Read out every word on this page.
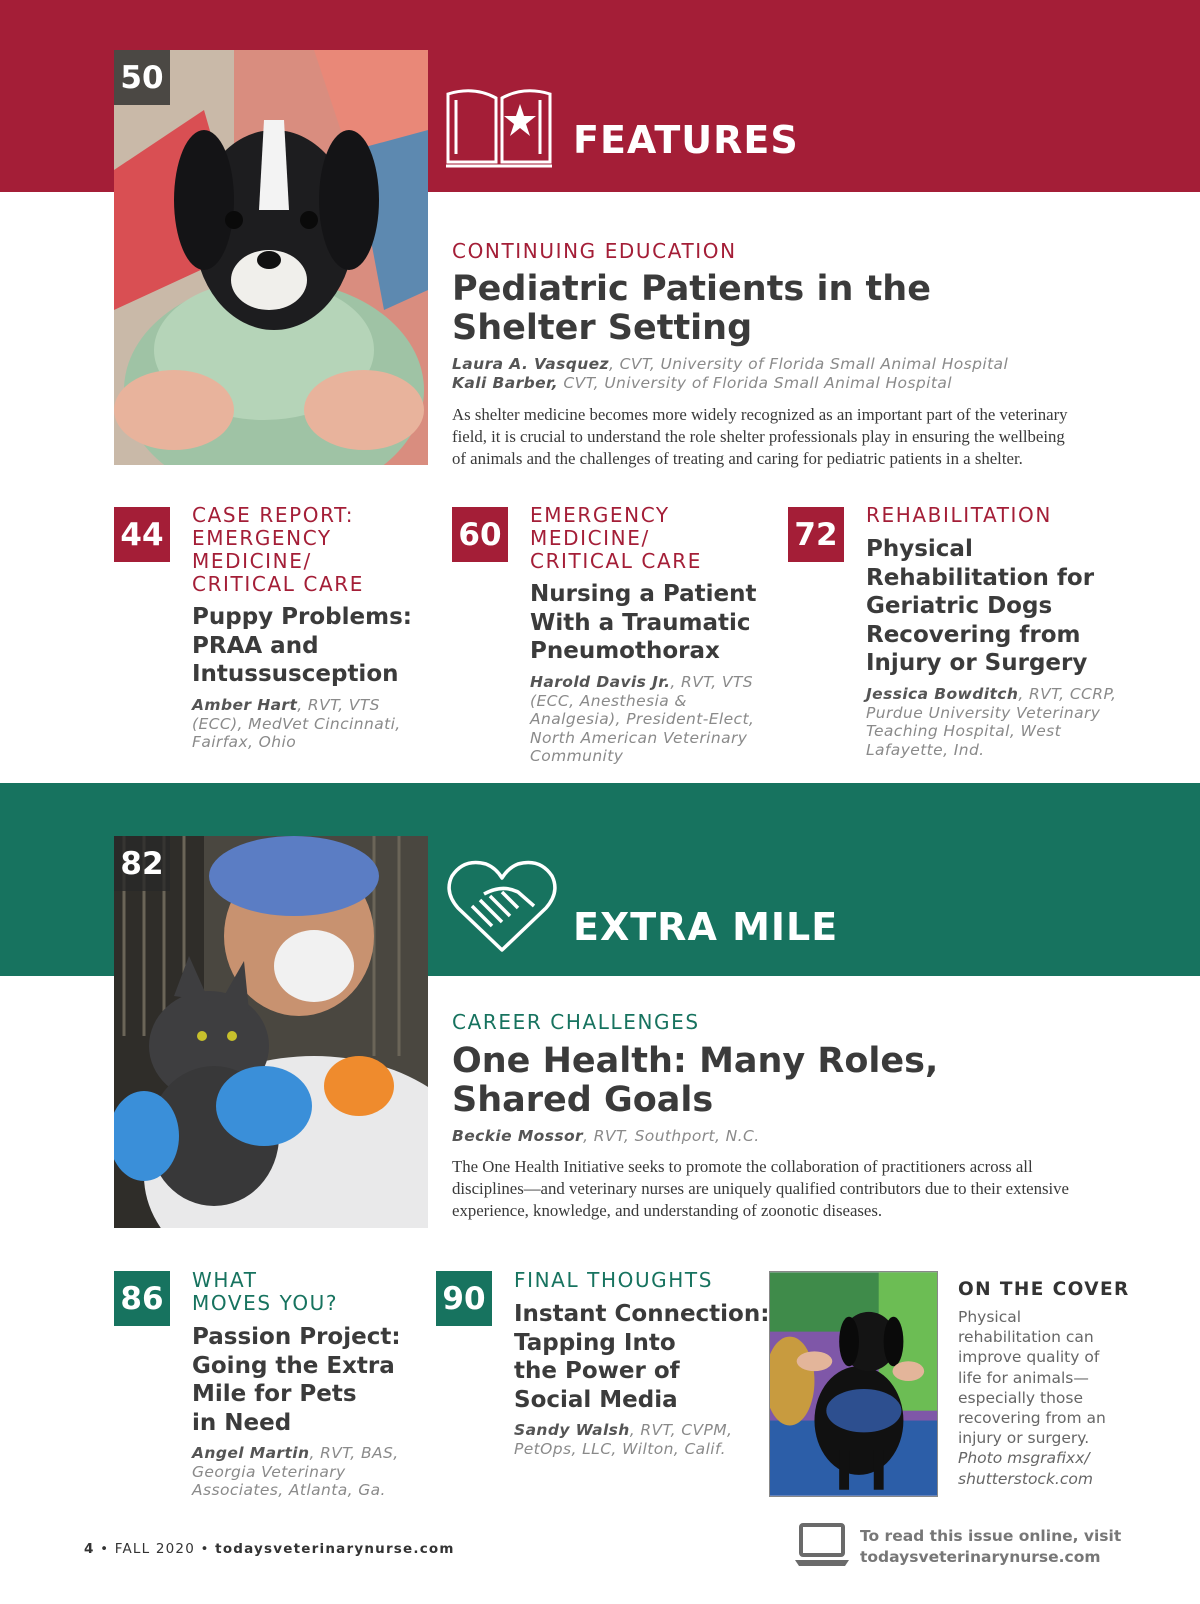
50
FEATURES
CONTINUING EDUCATION
Pediatric Patients in the
Shelter Setting
Laura A. Vasquez, CVT, University of Florida Small Animal Hospital
Kali Barber, CVT, University of Florida Small Animal Hospital
As shelter medicine becomes more widely recognized as an important part of the veterinary
field, it is crucial to understand the role shelter professionals play in ensuring the wellbeing
of animals and the challenges of treating and caring for pediatric patients in a shelter.
44
CASE REPORT:
EMERGENCY
MEDICINE/
CRITICAL CARE
Puppy Problems:
PRAA and
Intussusception
Amber Hart, RVT, VTS
(ECC), MedVet Cincinnati,
Fairfax, Ohio
60
EMERGENCY
MEDICINE/
CRITICAL CARE
Nursing a Patient
With a Traumatic
Pneumothorax
Harold Davis Jr., RVT, VTS
(ECC, Anesthesia &
Analgesia), President-Elect,
North American Veterinary
Community
72
REHABILITATION
Physical
Rehabilitation for
Geriatric Dogs
Recovering from
Injury or Surgery
Jessica Bowditch, RVT, CCRP,
Purdue University Veterinary
Teaching Hospital, West
Lafayette, Ind.
82
EXTRA MILE
CAREER CHALLENGES
One Health: Many Roles,
Shared Goals
Beckie Mossor, RVT, Southport, N.C.
The One Health Initiative seeks to promote the collaboration of practitioners across all
disciplines—and veterinary nurses are uniquely qualified contributors due to their extensive
experience, knowledge, and understanding of zoonotic diseases.
86
WHAT
MOVES YOU?
Passion Project:
Going the Extra
Mile for Pets
in Need
Angel Martin, RVT, BAS,
Georgia Veterinary
Associates, Atlanta, Ga.
90
FINAL THOUGHTS
Instant Connection:
Tapping Into
the Power of
Social Media
Sandy Walsh, RVT, CVPM,
PetOps, LLC, Wilton, Calif.
ON THE COVER
Physical
rehabilitation can
improve quality of
life for animals—
especially those
recovering from an
injury or surgery.
Photo msgrafixx/
shutterstock.com
4 • FALL 2020 • todaysveterinarynurse.com
To read this issue online, visit
todaysveterinarynurse.com
